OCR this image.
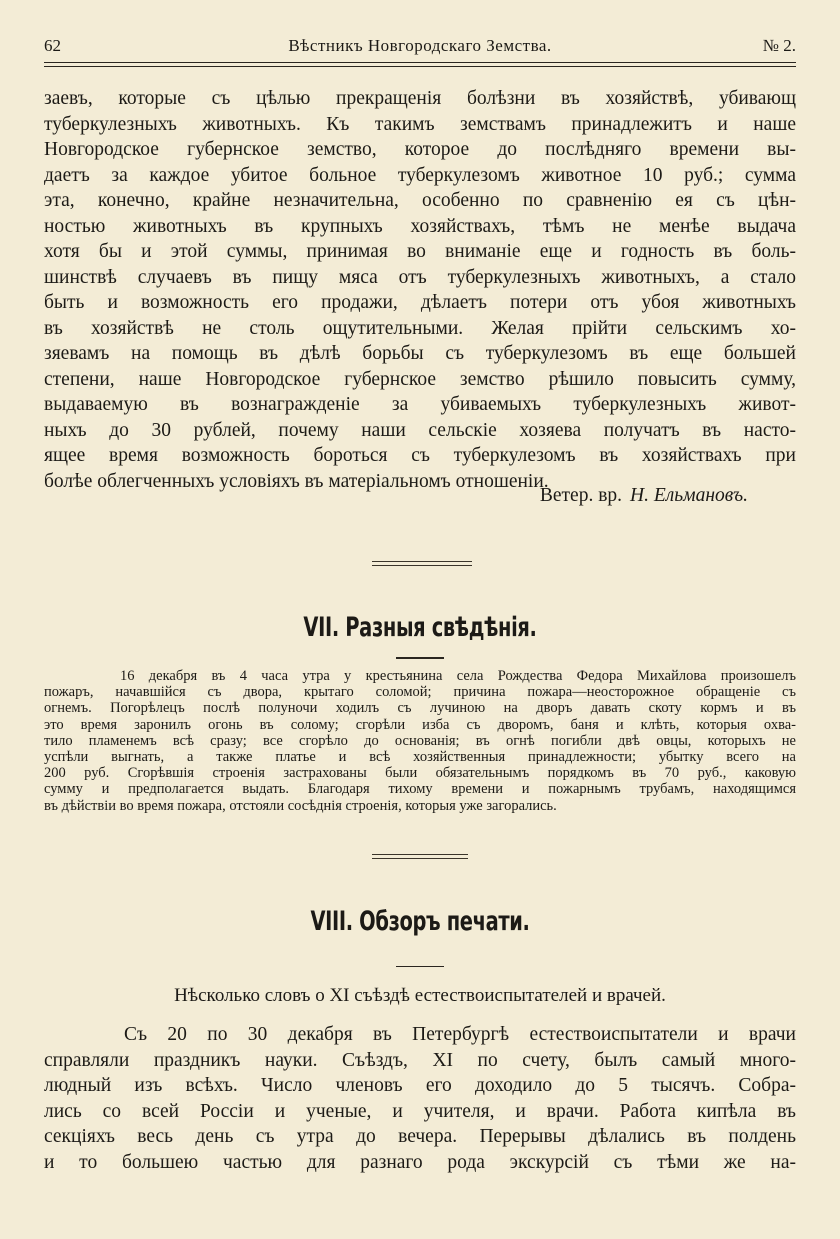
62	Вѣстникъ Новгородскаго Земства.	№ 2.
заевъ, которые съ цѣлью прекращенія болѣзни въ хозяйствѣ, убивающ
туберкулезныхъ животныхъ. Къ такимъ земствамъ принадлежитъ и наше
Новгородское губернское земство, которое до послѣдняго времени вы-
даетъ за каждое убитое больное туберкулезомъ животное 10 руб.; сумма
эта, конечно, крайне незначительна, особенно по сравненію ея съ цѣн-
ностью животныхъ въ крупныхъ хозяйствахъ, тѣмъ не менѣе выдача
хотя бы и этой суммы, принимая во вниманіе еще и годность въ боль-
шинствѣ случаевъ въ пищу мяса отъ туберкулезныхъ животныхъ, а стало
быть и возможность его продажи, дѣлаетъ потери отъ убоя животныхъ
въ хозяйствѣ не столь ощутительными. Желая прійти сельскимъ хо-
зяевамъ на помощь въ дѣлѣ борьбы съ туберкулезомъ въ еще большей
степени, наше Новгородское губернское земство рѣшило повысить сумму,
выдаваемую въ вознагражденіе за убиваемыхъ туберкулезныхъ живот-
ныхъ до 30 рублей, почему наши сельскіе хозяева получатъ въ насто-
ящее время возможность бороться съ туберкулезомъ въ хозяйствахъ при
болѣе облегченныхъ условіяхъ въ матеріальномъ отношеніи.
Ветер. вр. Н. Ельмановъ.
VII. Разныя свѣдѣнія.
16 декабря въ 4 часа утра у крестьянина села Рождества Федора Михайлова произошелъ
пожаръ, начавшійся съ двора, крытаго соломой; причина пожара—неосторожное обращеніе съ
огнемъ. Погорѣлецъ послѣ полуночи ходилъ съ лучиною на дворъ давать скоту кормъ и въ
это время заронилъ огонь въ солому; сгорѣли изба съ дворомъ, баня и клѣть, которыя охва-
тило пламенемъ всѣ сразу; все сгорѣло до основанія; въ огнѣ погибли двѣ овцы, которыхъ не
успѣли выгнать, а также платье и всѣ хозяйственныя принадлежности; убытку всего на
200 руб. Сгорѣвшія строенія застрахованы были обязательнымъ порядкомъ въ 70 руб., каковую
сумму и предполагается выдать. Благодаря тихому времени и пожарнымъ трубамъ, находящимся
въ дѣйствіи во время пожара, отстояли сосѣднія строенія, которыя уже загорались.
VIII. Обзоръ печати.
Нѣсколько словъ о XI съѣздѣ естествоиспытателей и врачей.
Съ 20 по 30 декабря въ Петербургѣ естествоиспытатели и врачи
справляли праздникъ науки. Съѣздъ, XI по счету, былъ самый много-
людный изъ всѣхъ. Число членовъ его доходило до 5 тысячъ. Собра-
лись со всей Россіи и ученые, и учителя, и врачи. Работа кипѣла въ
секціяхъ весь день съ утра до вечера. Перерывы дѣлались въ полдень
и то большею частью для разнаго рода экскурсій съ тѣми же на-
